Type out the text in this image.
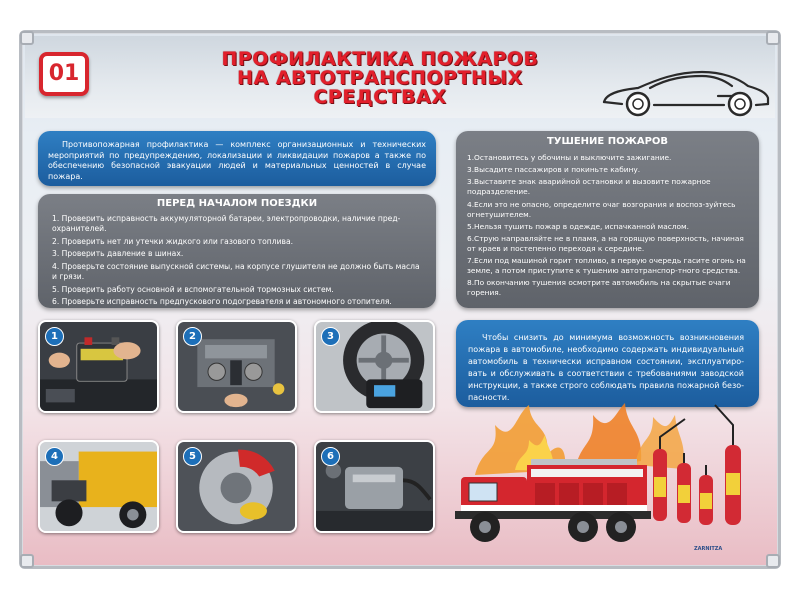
01
ПРОФИЛАКТИКА ПОЖАРОВ
НА АВТОТРАНСПОРТНЫХ
СРЕДСТВАХ
Противопожарная профилактика — комплекс организационных и технических мероприятий по предупреждению, локализации и ликвидации пожаров а также по обеспечению безопасной эвакуации людей и материальных ценностей в случае пожара.
ПЕРЕД НАЧАЛОМ ПОЕЗДКИ
1. Проверить исправность аккумуляторной батареи, электропроводки, наличие пред-охранителей.
2. Проверить нет ли утечки жидкого или газового топлива.
3. Проверить давление в шинах.
4. Проверьте состояние выпускной системы, на корпусе глушителя не должно быть масла и грязи.
5. Проверить работу основной и вспомогательной тормозных систем.
6. Проверьте исправность предпускового подогревателя и автономного отопителя.
ТУШЕНИЕ ПОЖАРОВ
1.Остановитесь у обочины и выключите зажигание.
3.Высадите пассажиров и покиньте кабину.
3.Выставите знак аварийной остановки и вызовите пожарное подразделение.
4.Если это не опасно, определите очаг возгорания и воспоз-зуйтесь огнетушителем.
5.Нельзя тушить пожар в одежде, испачканной маслом.
6.Струю направляйте не в пламя, а на горящую поверхность, начиная от краев и постепенно переходя к середине.
7.Если под машиной горит топливо, в первую очередь гасите огонь на земле, а потом приступите к тушению автотранспор-тного средства.
8.По окончанию тушения осмотрите автомобиль на скрытые очаги горения.
Чтобы снизить до минимума возможность возникновения пожара в автомобиле, необходимо содержать индивидуальный автомобиль в технически исправном состоянии, эксплуатиро-вать и обслуживать в соответствии с требованиями заводской инструкции, а также строго соблюдать правила пожарной безо-пасности.
1	2	3
4	5	6
ZARNITZA
